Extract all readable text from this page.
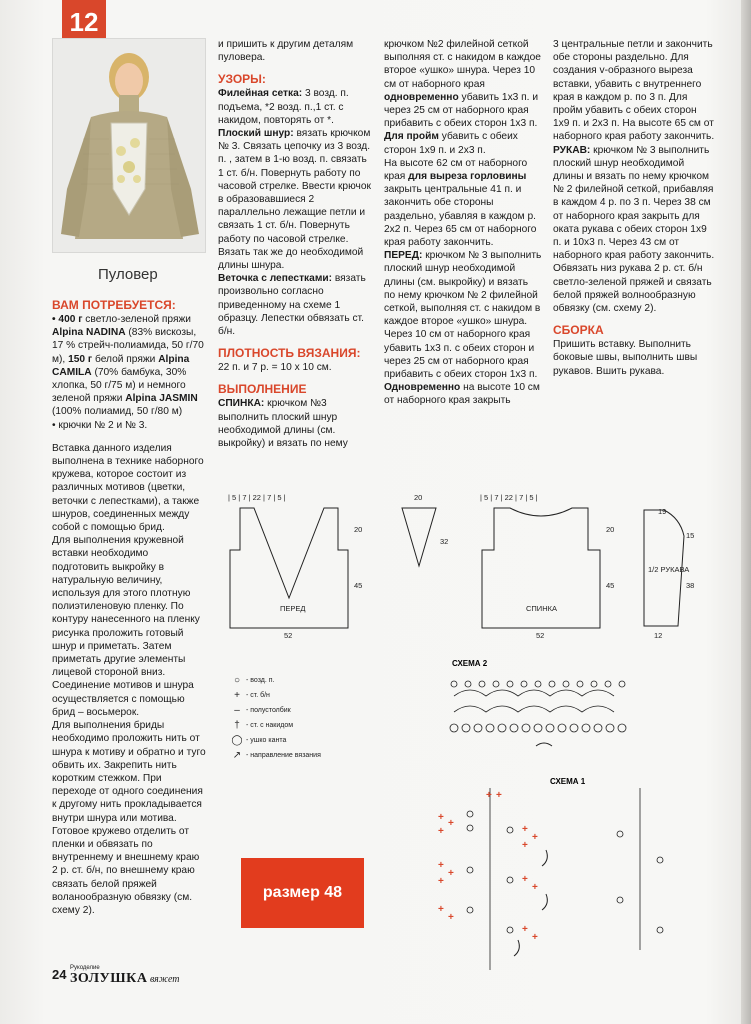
12
Пуловер

ВАМ ПОТРЕБУЕТСЯ:

• 400 г светло-зеленой пряжи Alpina NADINA (83% вискозы, 17 % стрейч-полиамида, 50 г/70 м), 150 г белой пряжи Alpina CAMILA (70% бамбука, 30% хлопка, 50 г/75 м) и немного зеленой пряжи Alpina JASMIN (100% полиамид, 50 г/80 м)

• крючки № 2 и № 3.

Вставка данного изделия выполнена в технике наборного кружева, которое состоит из различных мотивов (цветки, веточки с лепестками), а также шнуров, соединенных между собой с помощью брид.

Для выполнения кружевной вставки необходимо подготовить выкройку в натуральную величину, используя для этого плотную полиэтиленовую пленку. По контуру нанесенного на пленку рисунка проложить готовый шнур и приметать. Затем приметать другие элементы лицевой стороной вниз. Соединение мотивов и шнура осуществляется с помощью брид – восьмерок.

Для выполнения бриды необходимо проложить нить от шнура к мотиву и обратно и туго обвить их. Закрепить нить коротким стежком. При переходе от одного соединения к другому нить прокладывается внутри шнура или мотива. Готовое кружево отделить от пленки и обвязать по внутреннему и внешнему краю 2 р. ст. б/н, по внешнему краю связать белой пряжей воланообразную обвязку (см. схему 2).

и пришить к другим деталям пуловера.

УЗОРЫ:

Филейная сетка: 3 возд. п. подъема, *2 возд. п.,1 ст. с накидом, повторять от *.

Плоский шнур: вязать крючком № 3. Связать цепочку из 3 возд. п. , затем в 1-ю возд. п. связать 1 ст. б/н. Повернуть работу по часовой стрелке. Ввести крючок в образовавшиеся 2 параллельно лежащие петли и связать 1 ст. б/н. Повернуть работу по часовой стрелке. Вязать так же до необходимой длины шнура.

Веточка с лепестками: вязать произвольно согласно приведенному на схеме 1 образцу. Лепестки обвязать ст. б/н.

ПЛОТНОСТЬ ВЯЗАНИЯ:

22 п. и 7 р. = 10 х 10 см.

ВЫПОЛНЕНИЕ

СПИНКА: крючком №3 выполнить плоский шнур необходимой длины (см. выкройку) и вязать по нему

крючком №2 филейной сеткой выполняя ст. с накидом в каждое второе «ушко» шнура. Через 10 см от наборного края одновременно убавить 1х3 п. и через 25 см от наборного края прибавить с обеих сторон 1х3 п.

Для пройм убавить с обеих сторон 1х9 п. и 2х3 п.

На высоте 62 см от наборного края для выреза горловины закрыть центральные 41 п. и закончить обе стороны раздельно, убавляя в каждом р. 2х2 п. Через 65 см от наборного края работу закончить.

ПЕРЕД: крючком № 3 выполнить плоский шнур необходимой длины (см. выкройку) и вязать по нему крючком № 2 филейной сеткой, выполняя ст. с накидом в каждое второе «ушко» шнура. Через 10 см от наборного края убавить 1х3 п. с обеих сторон и через 25 см от наборного края прибавить с обеих сторон 1х3 п. Одновременно на высоте 10 см от наборного края закрыть

3 центральные петли и закончить обе стороны раздельно. Для создания v-образного выреза вставки, убавить с внутреннего края в каждом р. по 3 п. Для пройм убавить с обеих сторон 1х9 п. и 2х3 п. На высоте 65 см от наборного края работу закончить.

РУКАВ: крючком № 3 выполнить плоский шнур необходимой длины и вязать по нему крючком № 2 филейной сеткой, прибавляя в каждом 4 р. по 3 п. Через 38 см от наборного края закрыть для оката рукава с обеих сторон 1х9 п. и 10х3 п. Через 43 см от наборного края работу закончить. Обвязать низ рукава 2 р. ст. б/н светло-зеленой пряжей и связать белой пряжей волнообразную обвязку (см. схему 2).

СБОРКА

Пришить вставку. Выполнить боковые швы, выполнить швы рукавов. Вшить рукава.

| 5 | 7 | 22 | 7 | 5 |
ПЕРЕД
20
45
52
20
32
| 5 | 7 | 22 | 7 | 5 |
СПИНКА
20
45
52
19
15
1/2 РУКАВА
38
12
СХЕМА 2
СХЕМА 1
+ +
+
+
+	+
+
+
+
+
+	+
+
+
+
+
+
○ - возд. п.
+ - ст. б/н
– - полустолбик
† - ст. с накидом
◯ - ушко канта
↗ - направление вязания
размер 48
24 Рукоделие
ЗОЛУШКА вяжет
